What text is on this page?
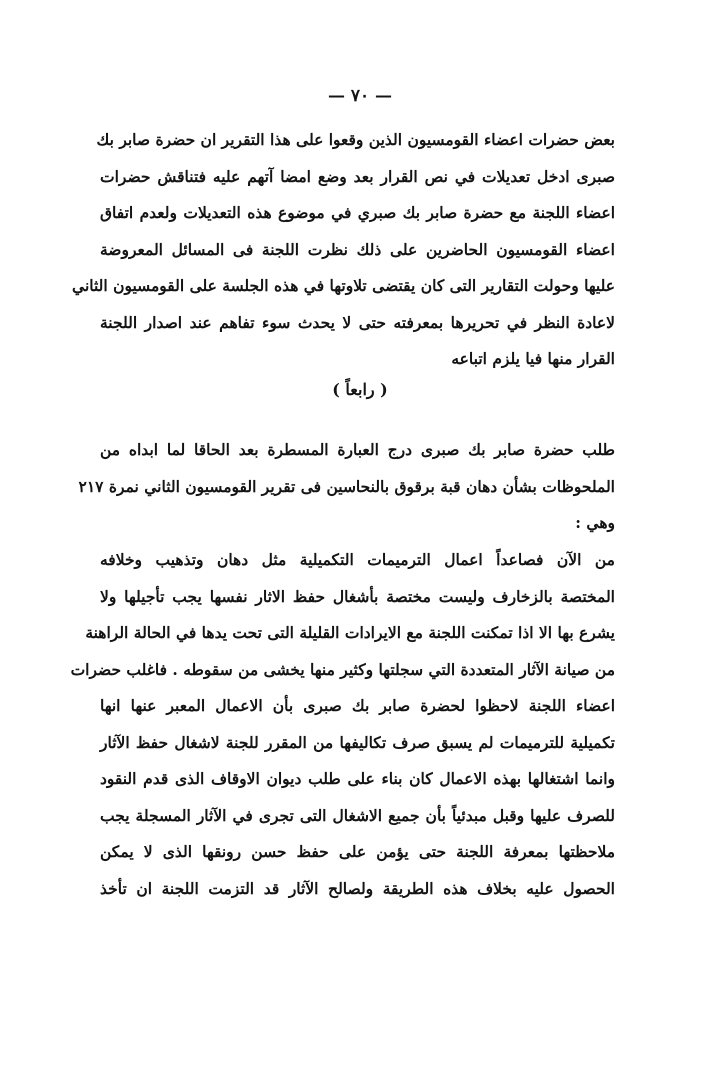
— ٧٠ —
بعض حضرات اعضاء القومسيون الذين وقعوا على هذا التقرير ان حضرة صابر بك
صبرى ادخل تعديلات في نص القرار بعد وضع امضا آتهم عليه فتناقش حضرات
اعضاء اللجنة مع حضرة صابر بك صبري في موضوع هذه التعديلات ولعدم اتفاق
اعضاء القومسيون الحاضرين على ذلك نظرت اللجنة فى المسائل المعروضة
عليها وحولت التقارير التى كان يقتضى تلاوتها في هذه الجلسة على القومسيون الثاني
لاعادة النظر في تحريرها بمعرفته حتى لا يحدث سوء تفاهم عند اصدار اللجنة
القرار منها فيا يلزم اتباعه
( رابعاً )
طلب حضرة صابر بك صبرى درج العبارة المسطرة بعد الحاقا لما ابداه من
الملحوظات بشأن دهان قبة برقوق بالنحاسين فى تقرير القومسيون الثاني نمرة ٢١٧
وهي :
من الآن فصاعداً اعمال الترميمات التكميلية مثل دهان وتذهيب وخلافه
المختصة بالزخارف وليست مختصة بأشغال حفظ الاثار نفسها يجب تأجيلها ولا
يشرع بها الا اذا تمكنت اللجنة مع الايرادات القليلة التى تحت يدها في الحالة الراهنة
من صيانة الآثار المتعددة التي سجلتها وكثير منها يخشى من سقوطه . فاغلب حضرات
اعضاء اللجنة لاحظوا لحضرة صابر بك صبرى بأن الاعمال المعبر عنها انها
تكميلية للترميمات لم يسبق صرف تكاليفها من المقرر للجنة لاشغال حفظ الآثار
وانما اشتغالها بهذه الاعمال كان بناء على طلب ديوان الاوقاف الذى قدم النقود
للصرف عليها وقبل مبدئياً بأن جميع الاشغال التى تجرى في الآثار المسجلة يجب
ملاحظتها بمعرفة اللجنة حتى يؤمن على حفظ حسن رونقها الذى لا يمكن
الحصول عليه بخلاف هذه الطريقة ولصالح الآثار قد التزمت اللجنة ان تأخذ
